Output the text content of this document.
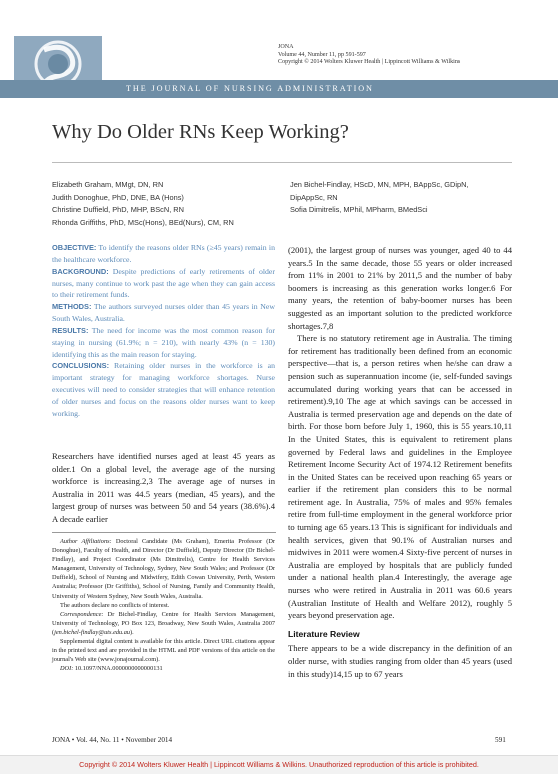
JONA
Volume 44, Number 11, pp 591-597
Copyright © 2014 Wolters Kluwer Health | Lippincott Williams & Wilkins
THE JOURNAL OF NURSING ADMINISTRATION
Why Do Older RNs Keep Working?
Elizabeth Graham, MMgt, DN, RN
Judith Donoghue, PhD, DNE, BA (Hons)
Christine Duffield, PhD, MHP, BScN, RN
Rhonda Griffiths, PhD, MSc(Hons), BEd(Nurs), CM, RN
Jen Bichel-Findlay, HScD, MN, MPH, BAppSc, GDipN,
DipAppSc, RN
Sofia Dimitrelis, MPhil, MPharm, BMedSci

OBJECTIVE: To identify the reasons older RNs (≥45 years) remain in the healthcare workforce.

BACKGROUND: Despite predictions of early retirements of older nurses, many continue to work past the age when they can gain access to their retirement funds.

METHODS: The authors surveyed nurses older than 45 years in New South Wales, Australia.

RESULTS: The need for income was the most common reason for staying in nursing (61.9%; n = 210), with nearly 43% (n = 130) identifying this as the main reason for staying.

CONCLUSIONS: Retaining older nurses in the workforce is an important strategy for managing workforce shortages. Nurse executives will need to consider strategies that will enhance retention of older nurses and focus on the reasons older nurses want to keep working.

Researchers have identified nurses aged at least 45 years as older.1 On a global level, the average age of the nursing workforce is increasing.2,3 The average age of nurses in Australia in 2011 was 44.5 years (median, 45 years), and the largest group of nurses was between 50 and 54 years (38.6%).4 A decade earlier

Author Affiliations: Doctoral Candidate (Ms Graham), Emerita Professor (Dr Donoghue), Faculty of Health, and Director (Dr Duffield), Deputy Director (Dr Bichel-Findlay), and Project Coordinator (Ms Dimitrelis), Centre for Health Services Management, University of Technology, Sydney, New South Wales; and Professor (Dr Duffield), School of Nursing and Midwifery, Edith Cowan University, Perth, Western Australia; Professor (Dr Griffiths), School of Nursing, Family and Community Health, University of Western Sydney, New South Wales, Australia.

The authors declare no conflicts of interest.

Correspondence: Dr Bichel-Findlay, Centre for Health Services Management, University of Technology, PO Box 123, Broadway, New South Wales, Australia 2007 (jen.bichel-findlay@uts.edu.au).

Supplemental digital content is available for this article. Direct URL citations appear in the printed text and are provided in the HTML and PDF versions of this article on the journal's Web site (www.jonajournal.com).

DOI: 10.1097/NNA.0000000000000131

(2001), the largest group of nurses was younger, aged 40 to 44 years.5 In the same decade, those 55 years or older increased from 11% in 2001 to 21% by 2011,5 and the number of baby boomers is increasing as this generation works longer.6 For many years, the retention of baby-boomer nurses has been suggested as an important solution to the predicted workforce shortages.7,8

There is no statutory retirement age in Australia. The timing for retirement has traditionally been defined from an economic perspective—that is, a person retires when he/she can draw a pension such as superannuation income (ie, self-funded savings accumulated during working years that can be accessed in retirement).9,10 The age at which savings can be accessed in Australia is termed preservation age and depends on the date of birth. For those born before July 1, 1960, this is 55 years.10,11 In the United States, this is equivalent to retirement plans governed by Federal laws and guidelines in the Employee Retirement Income Security Act of 1974.12 Retirement benefits in the United States can be received upon reaching 65 years or earlier if the retirement plan considers this to be normal retirement age. In Australia, 75% of males and 95% females retire from full-time employment in the general workforce prior to turning age 65 years.13 This is significant for individuals and health services, given that 90.1% of Australian nurses and midwives in 2011 were women.4 Sixty-five percent of nurses in Australia are employed by hospitals that are publicly funded under a national health plan.4 Interestingly, the average age nurses who were retired in Australia in 2011 was 60.6 years (Australian Institute of Health and Welfare 2012), roughly 5 years beyond preservation age.

Literature Review

There appears to be a wide discrepancy in the definition of an older nurse, with studies ranging from older than 45 years (used in this study)14,15 up to 67 years

JONA • Vol. 44, No. 11 • November 2014	591
Copyright © 2014 Wolters Kluwer Health | Lippincott Williams & Wilkins. Unauthorized reproduction of this article is prohibited.
